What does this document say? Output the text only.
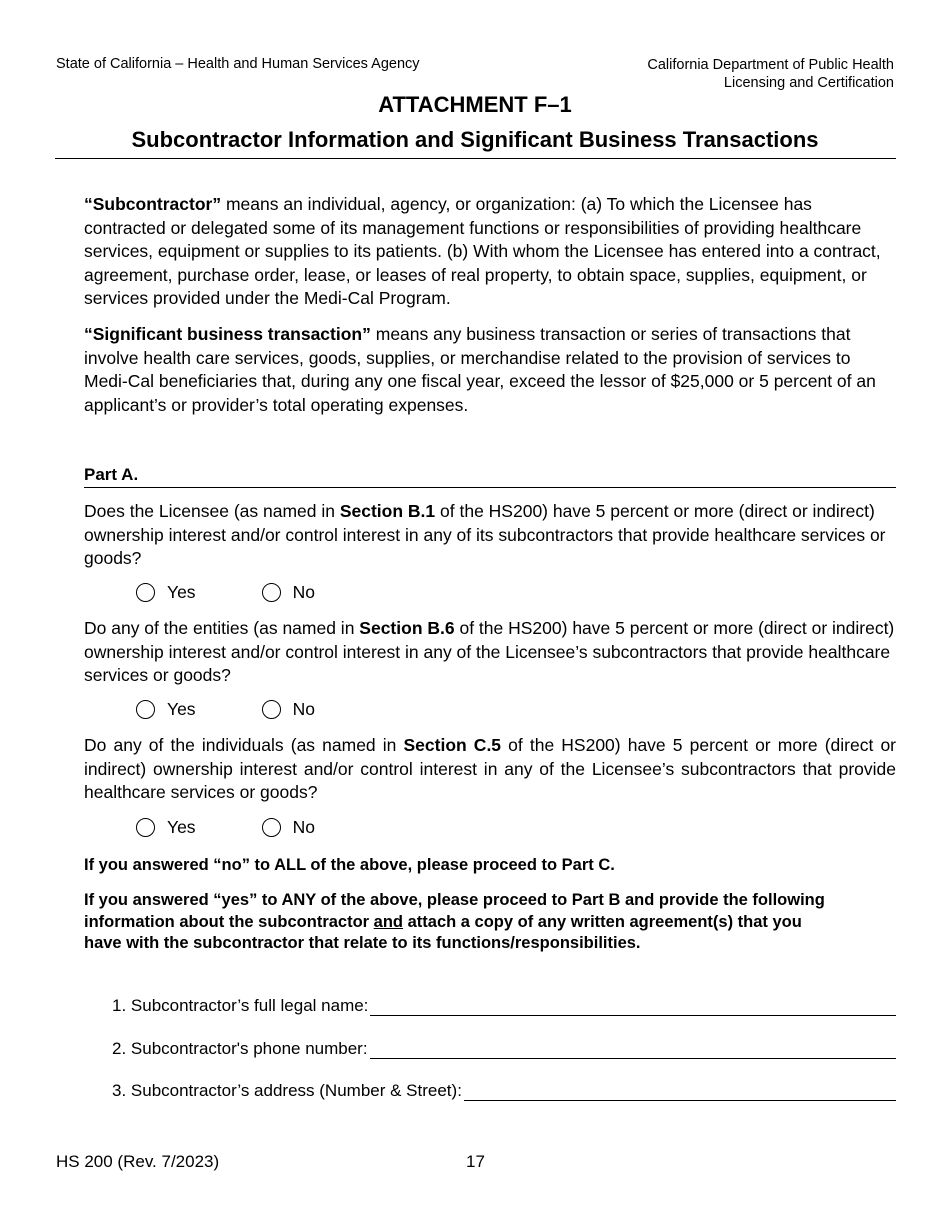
State of California – Health and Human Services Agency	California Department of Public Health
Licensing and Certification
ATTACHMENT F–1
Subcontractor Information and Significant Business Transactions
“Subcontractor” means an individual, agency, or organization: (a) To which the Licensee has contracted or delegated some of its management functions or responsibilities of providing healthcare services, equipment or supplies to its patients. (b) With whom the Licensee has entered into a contract, agreement, purchase order, lease, or leases of real property, to obtain space, supplies, equipment, or services provided under the Medi-Cal Program.
“Significant business transaction” means any business transaction or series of transactions that involve health care services, goods, supplies, or merchandise related to the provision of services to Medi-Cal beneficiaries that, during any one fiscal year, exceed the lessor of $25,000 or 5 percent of an applicant’s or provider’s total operating expenses.
Part A.
Does the Licensee (as named in Section B.1 of the HS200) have 5 percent or more (direct or indirect) ownership interest and/or control interest in any of its subcontractors that provide healthcare services or goods?
Yes	No
Do any of the entities (as named in Section B.6 of the HS200) have 5 percent or more (direct or indirect) ownership interest and/or control interest in any of the Licensee’s subcontractors that provide healthcare services or goods?
Yes	No
Do any of the individuals (as named in Section C.5 of the HS200) have 5 percent or more (direct or indirect) ownership interest and/or control interest in any of the Licensee’s subcontractors that provide healthcare services or goods?
Yes	No
If you answered “no” to ALL of the above, please proceed to Part C.
If you answered “yes” to ANY of the above, please proceed to Part B and provide the following information about the subcontractor and attach a copy of any written agreement(s) that you have with the subcontractor that relate to its functions/responsibilities.
1. Subcontractor’s full legal name:
2. Subcontractor's phone number:
3. Subcontractor’s address (Number & Street):
HS 200 (Rev. 7/2023)	17
